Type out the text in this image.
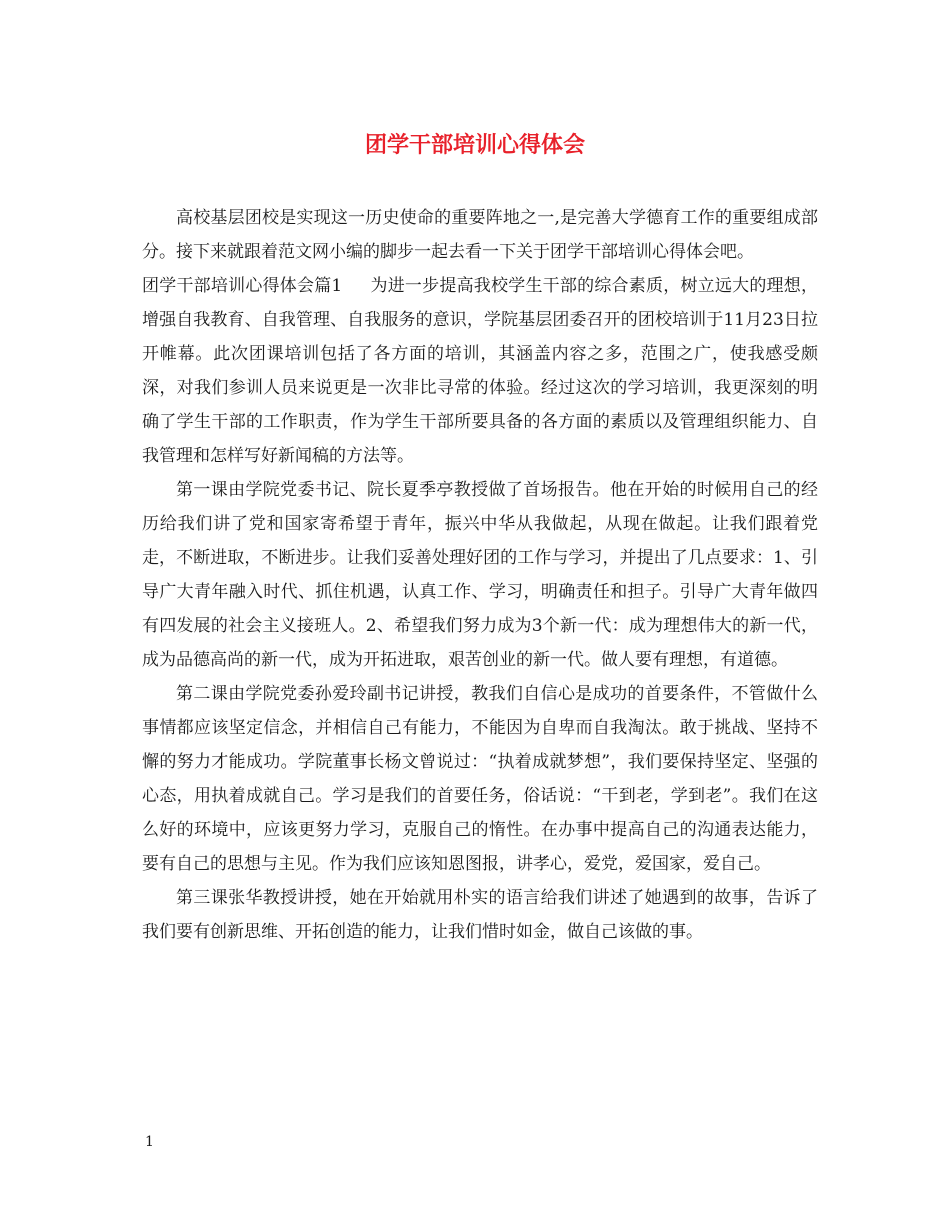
团学干部培训心得体会

高校基层团校是实现这一历史使命的重要阵地之一,是完善大学德育工作的重要组成部分。接下来就跟着范文网小编的脚步一起去看一下关于团学干部培训心得体会吧。

团学干部培训心得体会篇1 为进一步提高我校学生干部的综合素质，树立远大的理想，增强自我教育、自我管理、自我服务的意识，学院基层团委召开的团校培训于11月23日拉开帷幕。此次团课培训包括了各方面的培训，其涵盖内容之多，范围之广，使我感受颇深，对我们参训人员来说更是一次非比寻常的体验。经过这次的学习培训，我更深刻的明确了学生干部的工作职责，作为学生干部所要具备的各方面的素质以及管理组织能力、自我管理和怎样写好新闻稿的方法等。

第一课由学院党委书记、院长夏季亭教授做了首场报告。他在开始的时候用自己的经历给我们讲了党和国家寄希望于青年，振兴中华从我做起，从现在做起。让我们跟着党走，不断进取，不断进步。让我们妥善处理好团的工作与学习，并提出了几点要求：1、引导广大青年融入时代、抓住机遇，认真工作、学习，明确责任和担子。引导广大青年做四有四发展的社会主义接班人。2、希望我们努力成为3个新一代：成为理想伟大的新一代，成为品德高尚的新一代，成为开拓进取，艰苦创业的新一代。做人要有理想，有道德。

第二课由学院党委孙爱玲副书记讲授，教我们自信心是成功的首要条件，不管做什么事情都应该坚定信念，并相信自己有能力，不能因为自卑而自我淘汰。敢于挑战、坚持不懈的努力才能成功。学院董事长杨文曾说过：“执着成就梦想”，我们要保持坚定、坚强的心态，用执着成就自己。学习是我们的首要任务，俗话说：“干到老，学到老”。我们在这么好的环境中，应该更努力学习，克服自己的惰性。在办事中提高自己的沟通表达能力，要有自己的思想与主见。作为我们应该知恩图报，讲孝心，爱党，爱国家，爱自己。

第三课张华教授讲授，她在开始就用朴实的语言给我们讲述了她遇到的故事，告诉了我们要有创新思维、开拓创造的能力，让我们惜时如金，做自己该做的事。

1
